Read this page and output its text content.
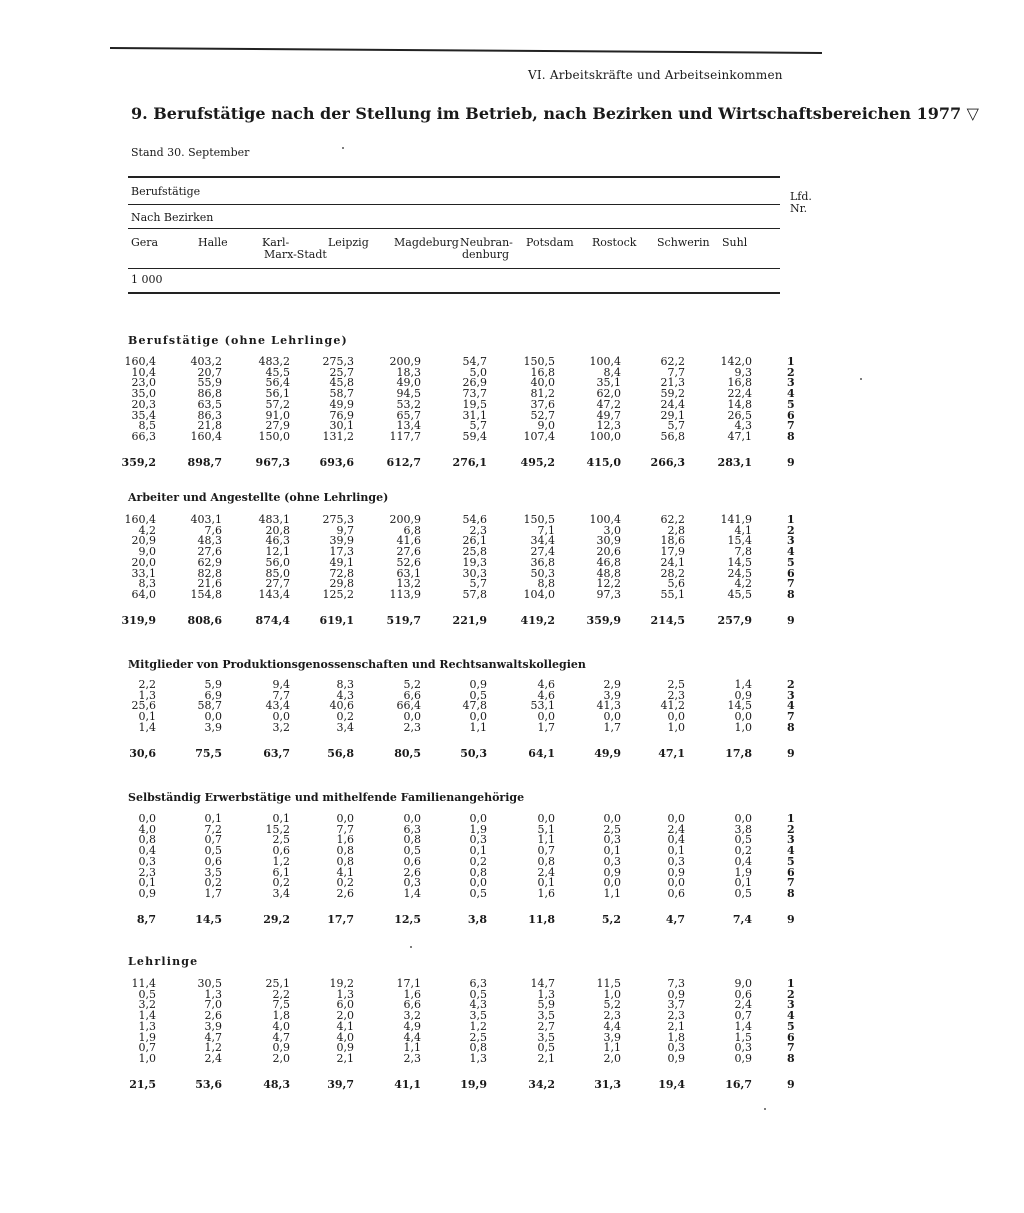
VI. Arbeitskräfte und Arbeitseinkommen
9. Berufstätige nach der Stellung im Betrieb, nach Bezirken und Wirtschaftsbereichen 1977 ▽
Stand 30. September
Berufstätige	Lfd.
Nr.
Nach Bezirken
Gera	Halle	Karl-
Marx-Stadt
Leipzig Magdeburg Neubran-
denburg
Potsdam Rostock Schwerin Suhl
1 000
Berufstätige (ohne Lehrlinge)
160,4	403,2	483,2	275,3	200,9	54,7	150,5	100,4	62,2	142,0	1
10,4	20,7	45,5	25,7	18,3	5,0	16,8	8,4	7,7	9,3	2
23,0	55,9	56,4	45,8	49,0	26,9	40,0	35,1	21,3	16,8	3
35,0	86,8	56,1	58,7	94,5	73,7	81,2	62,0	59,2	22,4	4
20,3	63,5	57,2	49,9	53,2	19,5	37,6	47,2	24,4	14,8	5
35,4	86,3	91,0	76,9	65,7	31,1	52,7	49,7	29,1	26,5	6
8,5	21,8	27,9	30,1	13,4	5,7	9,0	12,3	5,7	4,3	7
66,3	160,4	150,0	131,2	117,7	59,4	107,4	100,0	56,8	47,1	8
359,2	898,7	967,3	693,6	612,7	276,1	495,2	415,0	266,3	283,1	9
Arbeiter und Angestellte (ohne Lehrlinge)
160,4	403,1	483,1	275,3	200,9	54,6	150,5	100,4	62,2	141,9	1
4,2	7,6	20,8	9,7	6,8	2,3	7,1	3,0	2,8	4,1	2
20,9	48,3	46,3	39,9	41,6	26,1	34,4	30,9	18,6	15,4	3
9,0	27,6	12,1	17,3	27,6	25,8	27,4	20,6	17,9	7,8	4
20,0	62,9	56,0	49,1	52,6	19,3	36,8	46,8	24,1	14,5	5
33,1	82,8	85,0	72,8	63,1	30,3	50,3	48,8	28,2	24,5	6
8,3	21,6	27,7	29,8	13,2	5,7	8,8	12,2	5,6	4,2	7
64,0	154,8	143,4	125,2	113,9	57,8	104,0	97,3	55,1	45,5	8
319,9	808,6	874,4	619,1	519,7	221,9	419,2	359,9	214,5	257,9	9
Mitglieder von Produktionsgenossenschaften und Rechtsanwaltskollegien
2,2	5,9	9,4	8,3	5,2	0,9	4,6	2,9	2,5	1,4	2
1,3	6,9	7,7	4,3	6,6	0,5	4,6	3,9	2,3	0,9	3
25,6	58,7	43,4	40,6	66,4	47,8	53,1	41,3	41,2	14,5	4
0,1	0,0	0,0	0,2	0,0	0,0	0,0	0,0	0,0	0,0	7
1,4	3,9	3,2	3,4	2,3	1,1	1,7	1,7	1,0	1,0	8
30,6	75,5	63,7	56,8	80,5	50,3	64,1	49,9	47,1	17,8	9
Selbständig Erwerbstätige und mithelfende Familienangehörige
0,0	0,1	0,1	0,0	0,0	0,0	0,0	0,0	0,0	0,0	1
4,0	7,2	15,2	7,7	6,3	1,9	5,1	2,5	2,4	3,8	2
0,8	0,7	2,5	1,6	0,8	0,3	1,1	0,3	0,4	0,5	3
0,4	0,5	0,6	0,8	0,5	0,1	0,7	0,1	0,1	0,2	4
0,3	0,6	1,2	0,8	0,6	0,2	0,8	0,3	0,3	0,4	5
2,3	3,5	6,1	4,1	2,6	0,8	2,4	0,9	0,9	1,9	6
0,1	0,2	0,2	0,2	0,3	0,0	0,1	0,0	0,0	0,1	7
0,9	1,7	3,4	2,6	1,4	0,5	1,6	1,1	0,6	0,5	8
8,7	14,5	29,2	17,7	12,5	3,8	11,8	5,2	4,7	7,4	9
Lehrlinge
11,4	30,5	25,1	19,2	17,1	6,3	14,7	11,5	7,3	9,0	1
0,5	1,3	2,2	1,3	1,6	0,5	1,3	1,0	0,9	0,6	2
3,2	7,0	7,5	6,0	6,6	4,3	5,9	5,2	3,7	2,4	3
1,4	2,6	1,8	2,0	3,2	3,5	3,5	2,3	2,3	0,7	4
1,3	3,9	4,0	4,1	4,9	1,2	2,7	4,4	2,1	1,4	5
1,9	4,7	4,7	4,0	4,4	2,5	3,5	3,9	1,8	1,5	6
0,7	1,2	0,9	0,9	1,1	0,8	0,5	1,1	0,3	0,3	7
1,0	2,4	2,0	2,1	2,3	1,3	2,1	2,0	0,9	0,9	8
21,5	53,6	48,3	39,7	41,1	19,9	34,2	31,3	19,4	16,7	9
